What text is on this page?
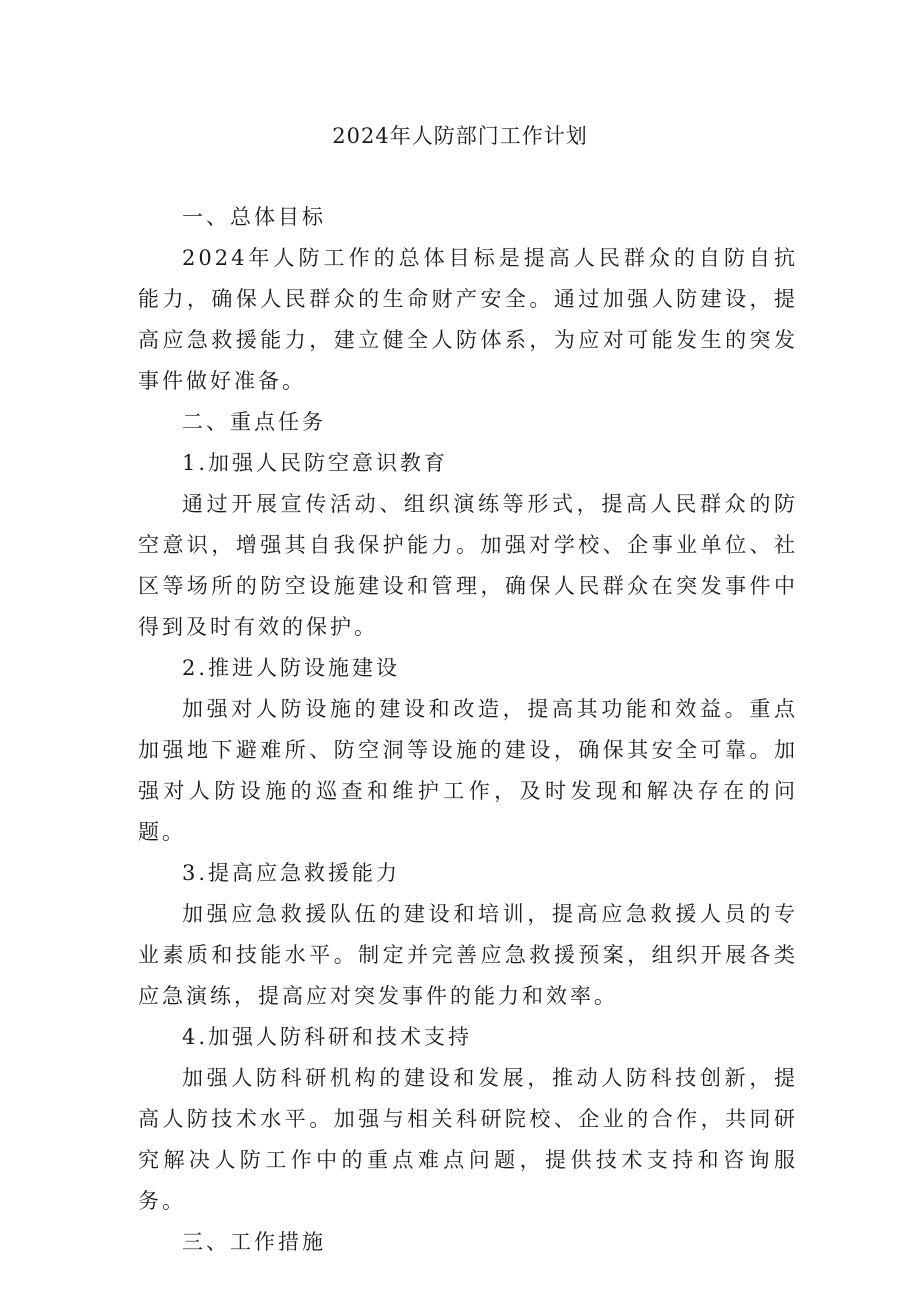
2024年人防部门工作计划

一、总体目标

2024年人防工作的总体目标是提高人民群众的自防自抗能力，确保人民群众的生命财产安全。通过加强人防建设，提高应急救援能力，建立健全人防体系，为应对可能发生的突发事件做好准备。

二、重点任务

1.加强人民防空意识教育

通过开展宣传活动、组织演练等形式，提高人民群众的防空意识，增强其自我保护能力。加强对学校、企事业单位、社区等场所的防空设施建设和管理，确保人民群众在突发事件中得到及时有效的保护。

2.推进人防设施建设

加强对人防设施的建设和改造，提高其功能和效益。重点加强地下避难所、防空洞等设施的建设，确保其安全可靠。加强对人防设施的巡查和维护工作，及时发现和解决存在的问题。

3.提高应急救援能力

加强应急救援队伍的建设和培训，提高应急救援人员的专业素质和技能水平。制定并完善应急救援预案，组织开展各类应急演练，提高应对突发事件的能力和效率。

4.加强人防科研和技术支持

加强人防科研机构的建设和发展，推动人防科技创新，提高人防技术水平。加强与相关科研院校、企业的合作，共同研究解决人防工作中的重点难点问题，提供技术支持和咨询服务。

三、工作措施
